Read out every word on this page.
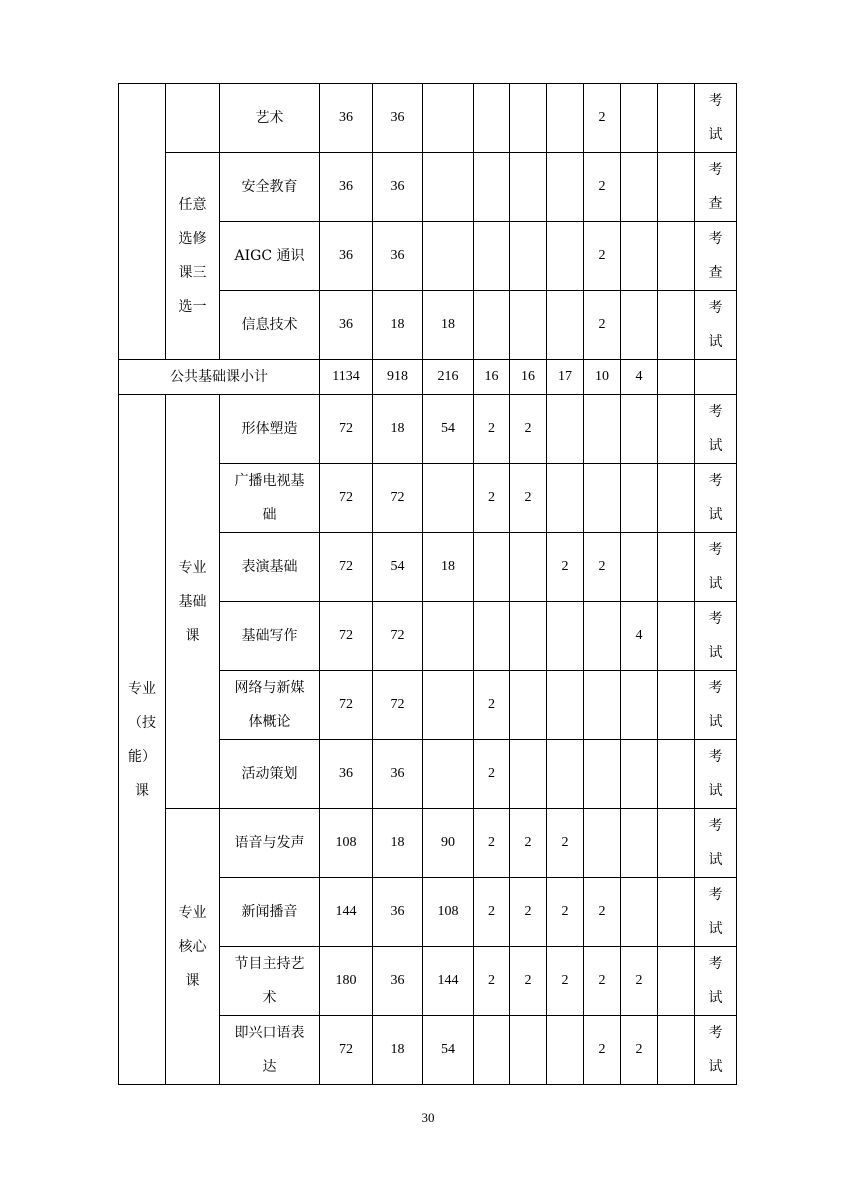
		艺术	36	36					2			考
试

	任意
选修
课三
选一	安全教育	36	36					2			考
查

		AIGC 通识	36	36					2			考
查

		信息技术	36	18	18				2			考
试

公共基础课小计			1134	918	216	16	16	17	10	4		

专业
（技
能）
课	专业
基础
课	形体塑造	72	18	54	2	2					考
试

		广播电视基
础	72	72		2	2					考
试

		表演基础	72	54	18			2	2			考
试

		基础写作	72	72						4		考
试

		网络与新媒
体概论	72	72		2						考
试

		活动策划	36	36		2						考
试

	专业
核心
课	语音与发声	108	18	90	2	2	2				考
试

		新闻播音	144	36	108	2	2	2	2			考
试

		节目主持艺
术	180	36	144	2	2	2	2	2		考
试

		即兴口语表
达	72	18	54				2	2		考
试
30
